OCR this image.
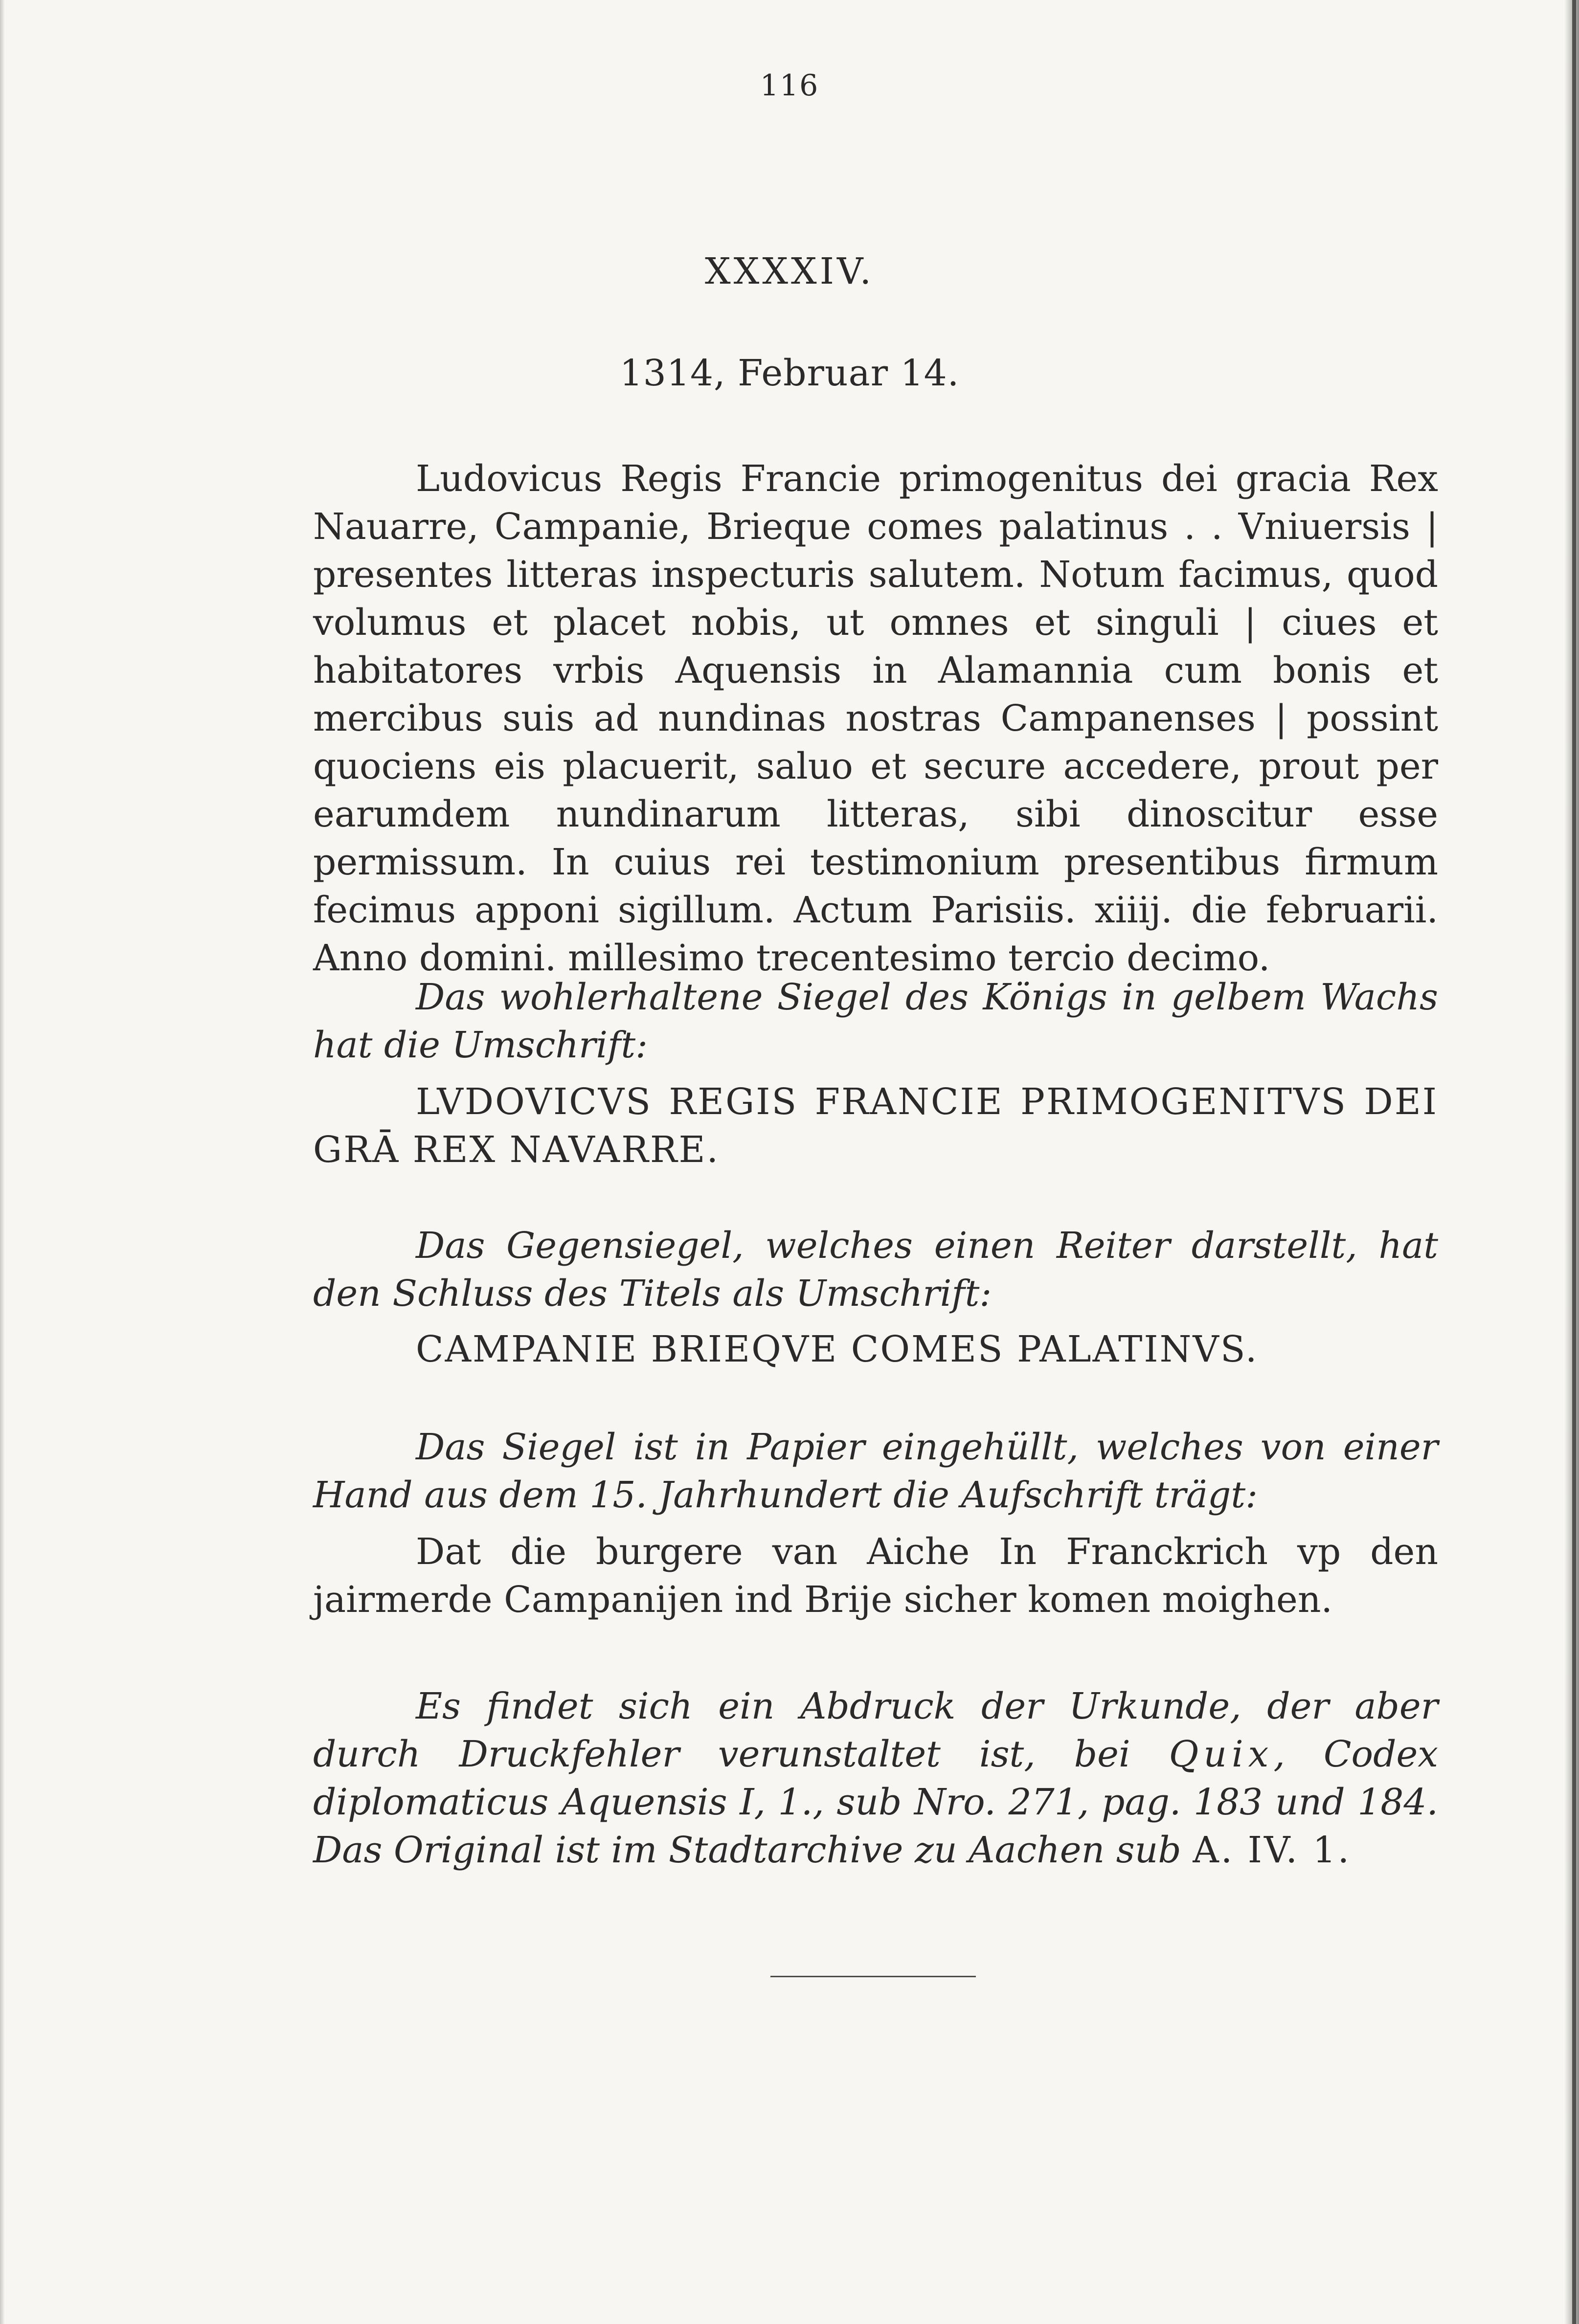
116
XXXXIV.
1314, Februar 14.

Ludovicus Regis Francie primogenitus dei gracia Rex Nauarre, Campanie, Brieque comes palatinus . . Vniuersis | presentes litteras inspecturis salutem. Notum facimus, quod volumus et placet nobis, ut omnes et singuli | ciues et habitatores vrbis Aquensis in Alamannia cum bonis et mercibus suis ad nundinas nostras Campanenses | possint quociens eis placuerit, saluo et secure accedere, prout per earumdem nundinarum litteras, sibi dinoscitur esse permissum. In cuius rei testimonium presentibus firmum fecimus apponi sigillum. Actum Parisiis. xiiij. die februarii. Anno domini. millesimo trecentesimo tercio decimo.

Das wohlerhaltene Siegel des Königs in gelbem Wachs hat die Umschrift:

LVDOVICVS REGIS FRANCIE PRIMOGENITVS DEI GRĀ REX NAVARRE.

Das Gegensiegel, welches einen Reiter darstellt, hat den Schluss des Titels als Umschrift:

CAMPANIE BRIEQVE COMES PALATINVS.

Das Siegel ist in Papier eingehüllt, welches von einer Hand aus dem 15. Jahrhundert die Aufschrift trägt:

Dat die burgere van Aiche In Franckrich vp den jairmerde Campanijen ind Brije sicher komen moighen.

Es findet sich ein Abdruck der Urkunde, der aber durch Druckfehler verunstaltet ist, bei Quix, Codex diplomaticus Aquensis I, 1., sub Nro. 271, pag. 183 und 184. Das Original ist im Stadtarchive zu Aachen sub A. IV. 1.
